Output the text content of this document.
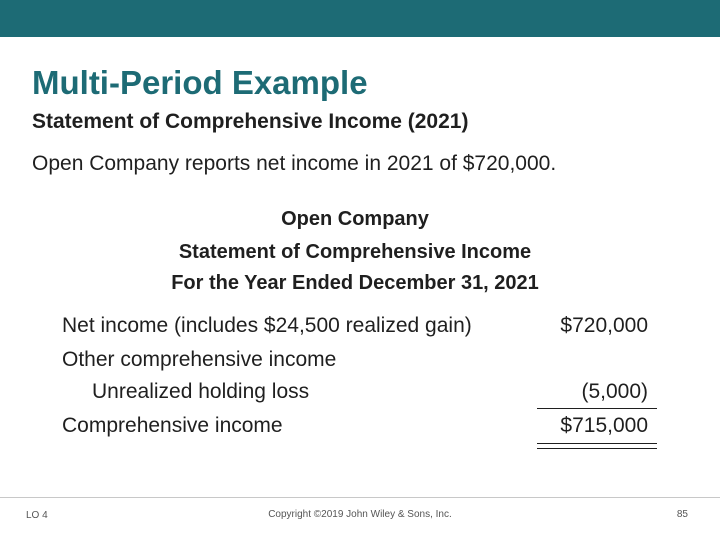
Multi-Period Example
Statement of Comprehensive Income (2021)
Open Company reports net income in 2021 of $720,000.
Open Company
Statement of Comprehensive Income
For the Year Ended December 31, 2021
Net income (includes $24,500 realized gain)	$720,000
Other comprehensive income
Unrealized holding loss	(5,000)
Comprehensive income	$715,000
LO 4	Copyright ©2019 John Wiley & Sons, Inc.	85
